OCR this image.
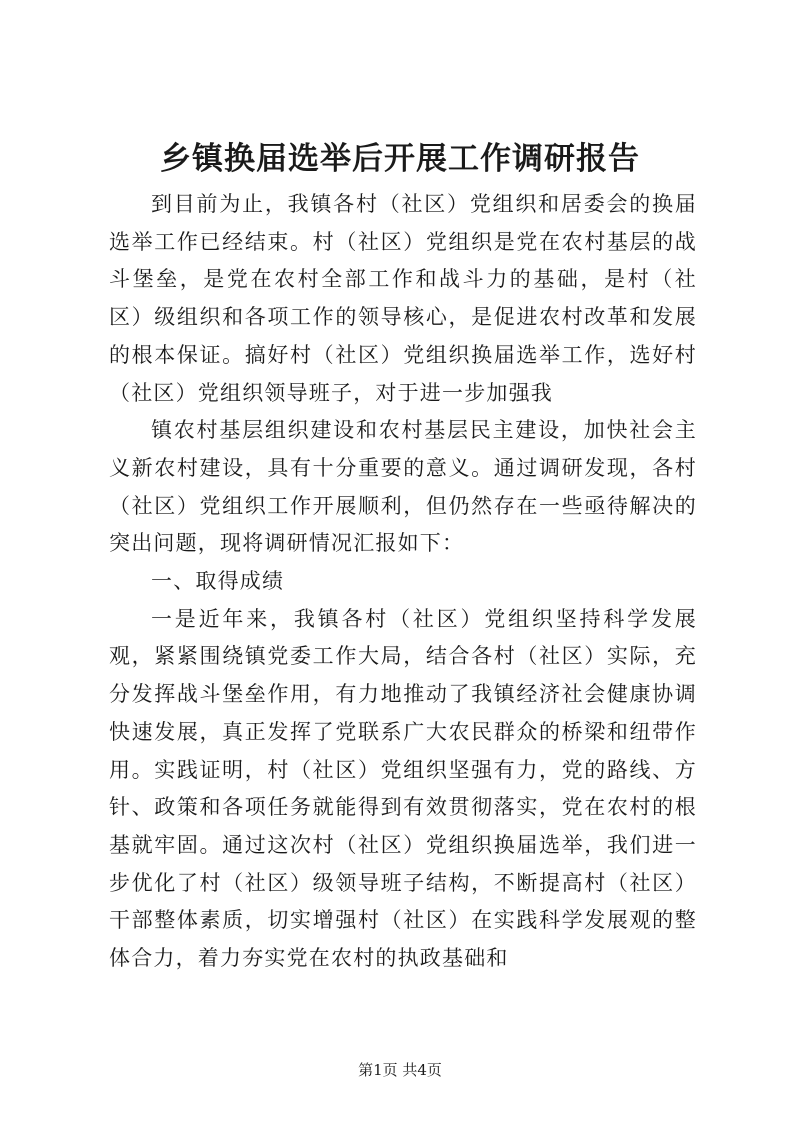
乡镇换届选举后开展工作调研报告

到目前为止，我镇各村（社区）党组织和居委会的换届选举工作已经结束。村（社区）党组织是党在农村基层的战斗堡垒，是党在农村全部工作和战斗力的基础，是村（社区）级组织和各项工作的领导核心，是促进农村改革和发展的根本保证。搞好村（社区）党组织换届选举工作，选好村（社区）党组织领导班子，对于进一步加强我

镇农村基层组织建设和农村基层民主建设，加快社会主义新农村建设，具有十分重要的意义。通过调研发现，各村（社区）党组织工作开展顺利，但仍然存在一些亟待解决的突出问题，现将调研情况汇报如下：

一、取得成绩

一是近年来，我镇各村（社区）党组织坚持科学发展观，紧紧围绕镇党委工作大局，结合各村（社区）实际，充分发挥战斗堡垒作用，有力地推动了我镇经济社会健康协调快速发展，真正发挥了党联系广大农民群众的桥梁和纽带作用。实践证明，村（社区）党组织坚强有力，党的路线、方针、政策和各项任务就能得到有效贯彻落实，党在农村的根基就牢固。通过这次村（社区）党组织换届选举，我们进一步优化了村（社区）级领导班子结构，不断提高村（社区）干部整体素质，切实增强村（社区）在实践科学发展观的整体合力，着力夯实党在农村的执政基础和

第1页 共4页
